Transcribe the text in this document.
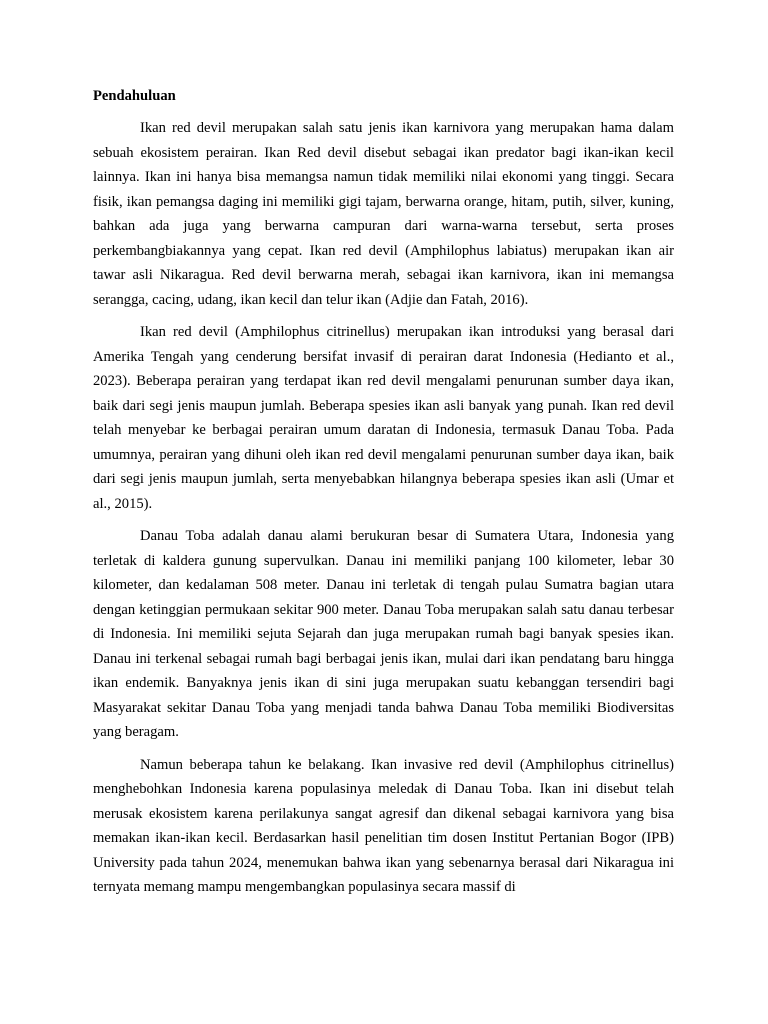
Pendahuluan

Ikan red devil merupakan salah satu jenis ikan karnivora yang merupakan hama dalam sebuah ekosistem perairan. Ikan Red devil disebut sebagai ikan predator bagi ikan-ikan kecil lainnya. Ikan ini hanya bisa memangsa namun tidak memiliki nilai ekonomi yang tinggi. Secara fisik, ikan pemangsa daging ini memiliki gigi tajam, berwarna orange, hitam, putih, silver, kuning, bahkan ada juga yang berwarna campuran dari warna-warna tersebut, serta proses perkembangbiakannya yang cepat. Ikan red devil (Amphilophus labiatus) merupakan ikan air tawar asli Nikaragua. Red devil berwarna merah, sebagai ikan karnivora, ikan ini memangsa serangga, cacing, udang, ikan kecil dan telur ikan (Adjie dan Fatah, 2016).

Ikan red devil (Amphilophus citrinellus) merupakan ikan introduksi yang berasal dari Amerika Tengah yang cenderung bersifat invasif di perairan darat Indonesia (Hedianto et al., 2023). Beberapa perairan yang terdapat ikan red devil mengalami penurunan sumber daya ikan, baik dari segi jenis maupun jumlah. Beberapa spesies ikan asli banyak yang punah. Ikan red devil telah menyebar ke berbagai perairan umum daratan di Indonesia, termasuk Danau Toba. Pada umumnya, perairan yang dihuni oleh ikan red devil mengalami penurunan sumber daya ikan, baik dari segi jenis maupun jumlah, serta menyebabkan hilangnya beberapa spesies ikan asli (Umar et al., 2015).

Danau Toba adalah danau alami berukuran besar di Sumatera Utara, Indonesia yang terletak di kaldera gunung supervulkan. Danau ini memiliki panjang 100 kilometer, lebar 30 kilometer, dan kedalaman 508 meter. Danau ini terletak di tengah pulau Sumatra bagian utara dengan ketinggian permukaan sekitar 900 meter. Danau Toba merupakan salah satu danau terbesar di Indonesia. Ini memiliki sejuta Sejarah dan juga merupakan rumah bagi banyak spesies ikan. Danau ini terkenal sebagai rumah bagi berbagai jenis ikan, mulai dari ikan pendatang baru hingga ikan endemik. Banyaknya jenis ikan di sini juga merupakan suatu kebanggan tersendiri bagi Masyarakat sekitar Danau Toba yang menjadi tanda bahwa Danau Toba memiliki Biodiversitas yang beragam.

Namun beberapa tahun ke belakang. Ikan invasive red devil (Amphilophus citrinellus) menghebohkan Indonesia karena populasinya meledak di Danau Toba. Ikan ini disebut telah merusak ekosistem karena perilakunya sangat agresif dan dikenal sebagai karnivora yang bisa memakan ikan-ikan kecil. Berdasarkan hasil penelitian tim dosen Institut Pertanian Bogor (IPB) University pada tahun 2024, menemukan bahwa ikan yang sebenarnya berasal dari Nikaragua ini ternyata memang mampu mengembangkan populasinya secara massif di
